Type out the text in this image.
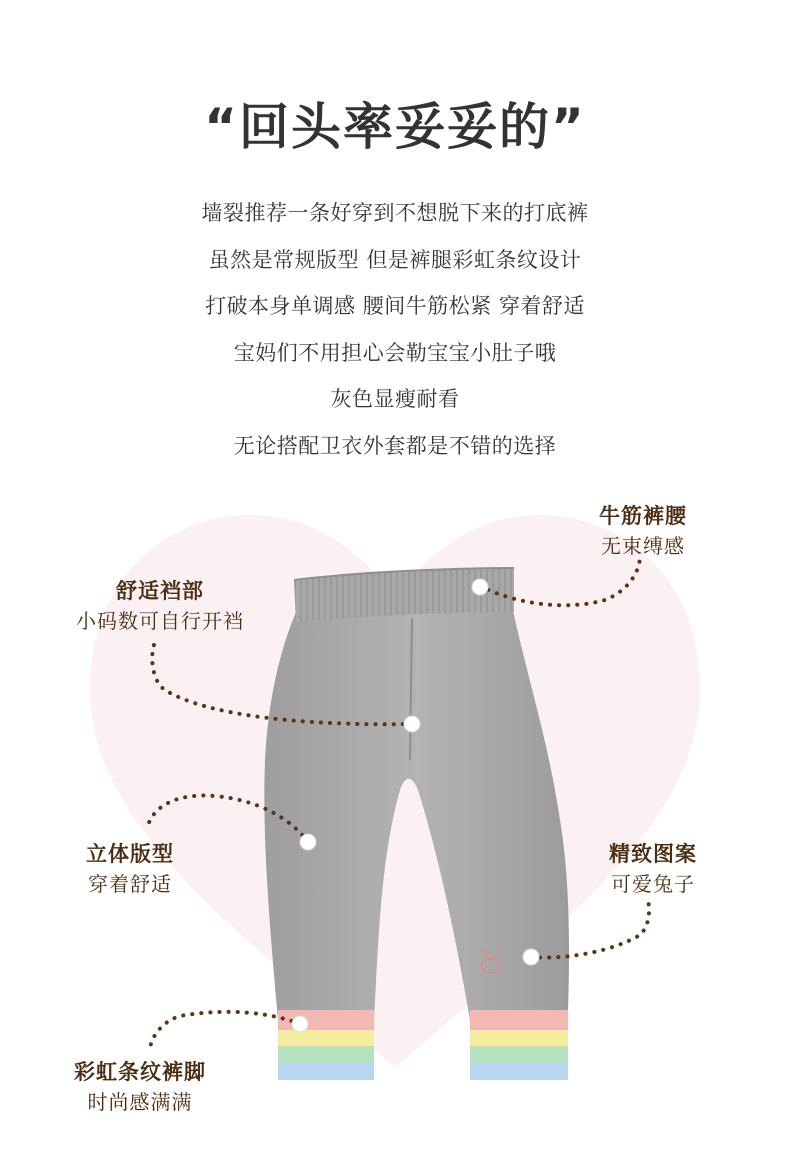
“回头率妥妥的”
墙裂推荐一条好穿到不想脱下来的打底裤
虽然是常规版型 但是裤腿彩虹条纹设计
打破本身单调感 腰间牛筋松紧 穿着舒适
宝妈们不用担心会勒宝宝小肚子哦
灰色显瘦耐看
无论搭配卫衣外套都是不错的选择
牛筋裤腰
无束缚感
舒适裆部
小码数可自行开裆
立体版型
穿着舒适
精致图案
可爱兔子
彩虹条纹裤脚
时尚感满满
